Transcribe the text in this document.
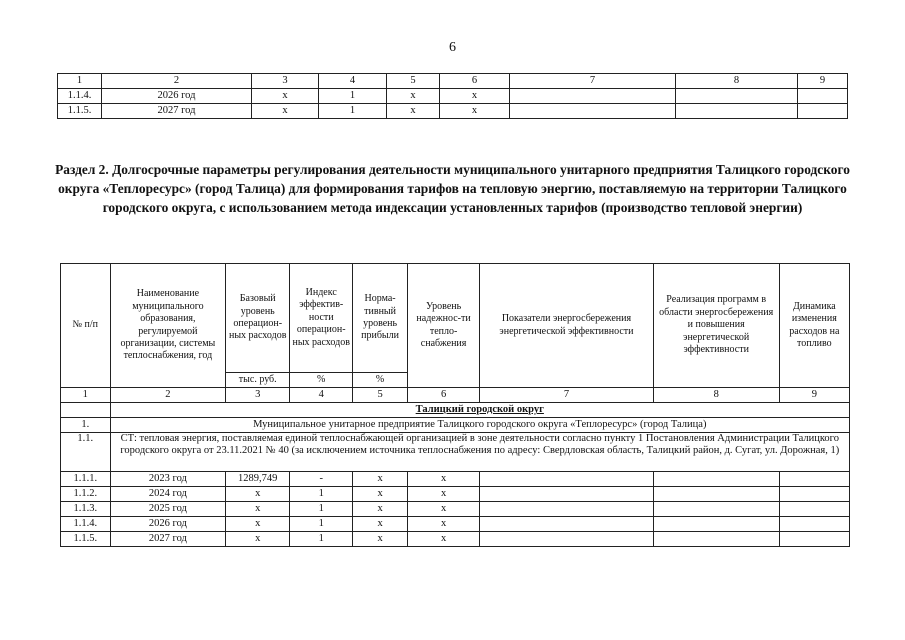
6
1	2	3	4	5	6	7	8	9
1.1.4.	2026 год	х	1	х	х			
1.1.5.	2027 год	х	1	х	х			
Раздел 2. Долгосрочные параметры регулирования деятельности муниципального унитарного предприятия Талицкого городского округа «Теплоресурс» (город Талица) для формирования тарифов на тепловую энергию, поставляемую на территории Талицкого городского округа, с использованием метода индексации установленных тарифов (производство тепловой энергии)
№ п/п	Наименование муниципального образования, регулируемой организации, системы теплоснабжения, год	Базовый уровень операцион-ных расходов	Индекс эффектив-ности операцион-ных расходов	Норма-тивный уровень прибыли	Уровень надежнос-ти тепло-снабжения	Показатели энергосбережения энергетической эффективности	Реализация программ в области энергосбережения и повышения энергетической эффективности	Динамика изменения расходов на топливо
		тыс. руб.	%	%				
1	2	3	4	5	6	7	8	9
	Талицкий городской округ							
1.	Муниципальное унитарное предприятие Талицкого городского округа «Теплоресурс» (город Талица)							
1.1.	СТ: тепловая энергия, поставляемая единой теплоснабжающей организацией в зоне деятельности согласно пункту 1 Постановления Администрации Талицкого городского округа от 23.11.2021 № 40 (за исключением источника теплоснабжения по адресу: Свердловская область, Талицкий район, д. Сугат, ул. Дорожная, 1)							
1.1.1.	2023 год	1289,749	-	х	х			
1.1.2.	2024 год	х	1	х	х			
1.1.3.	2025 год	х	1	х	х			
1.1.4.	2026 год	х	1	х	х			
1.1.5.	2027 год	х	1	х	х			
